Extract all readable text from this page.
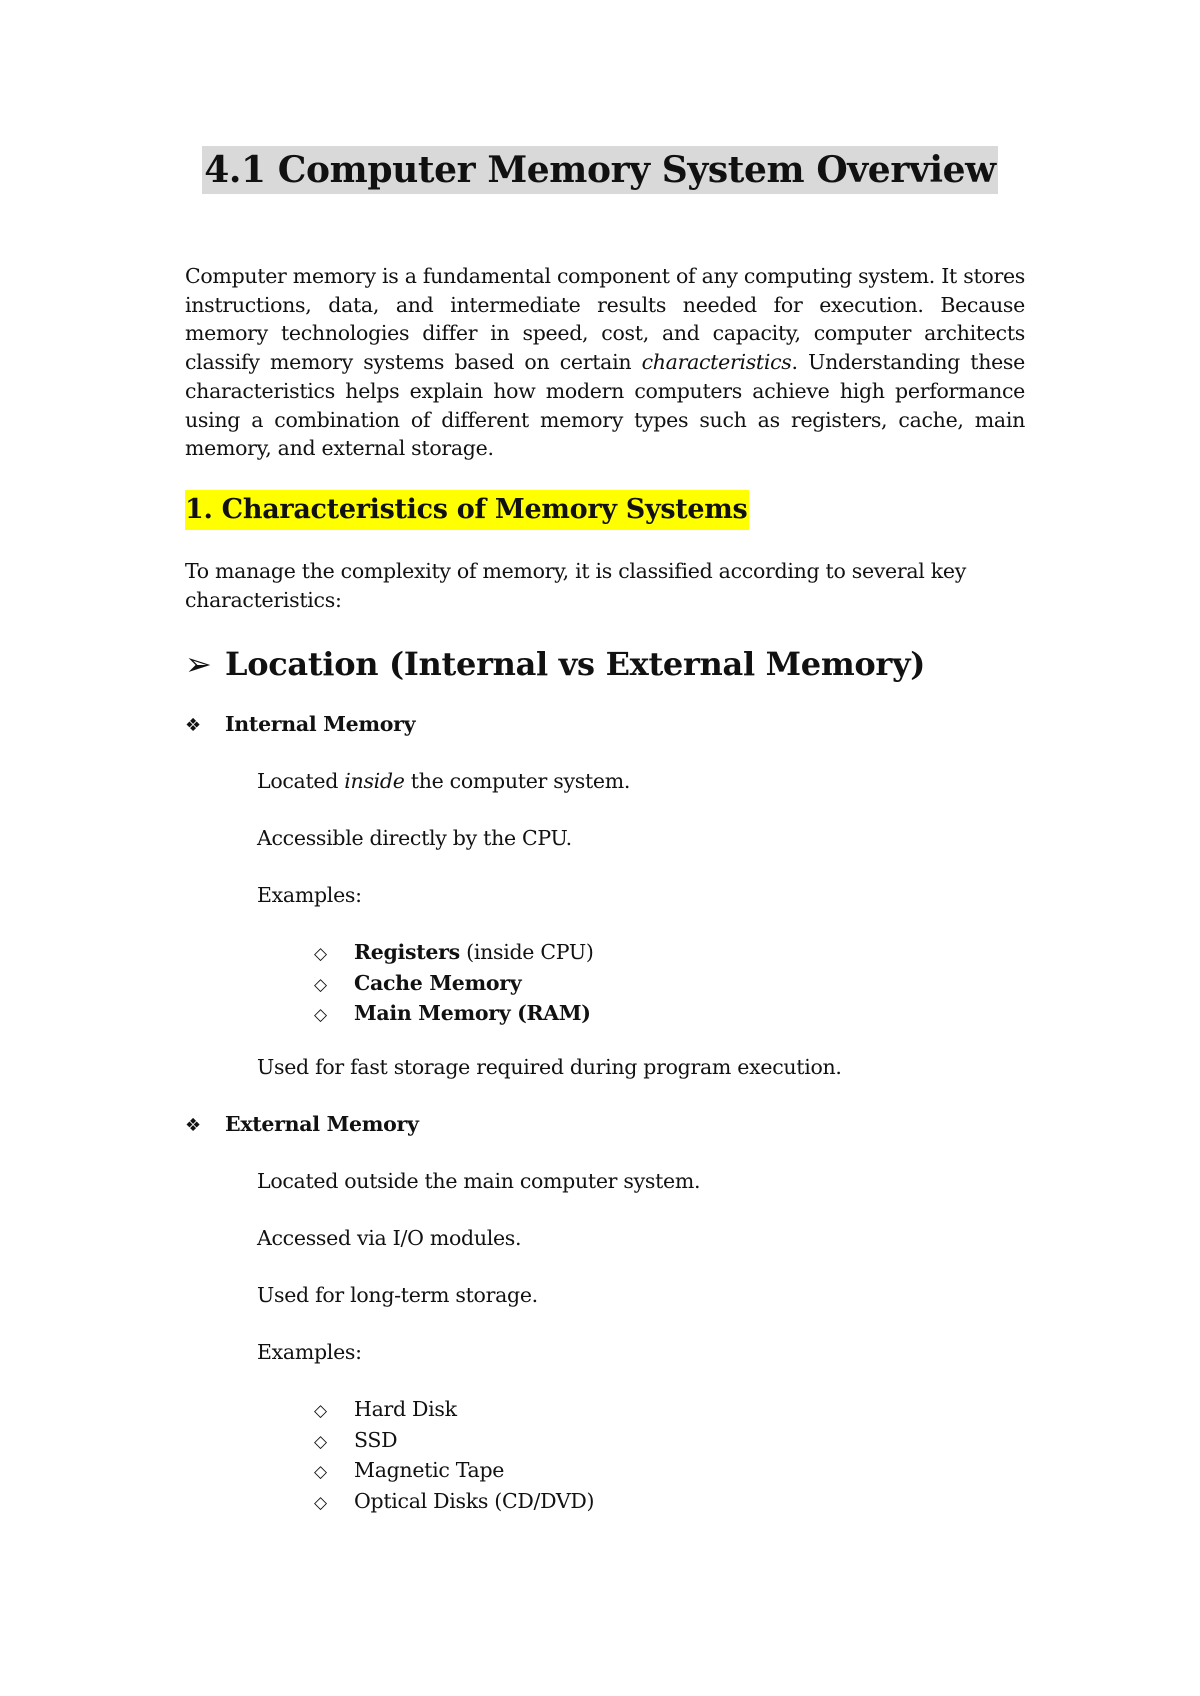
4.1 Computer Memory System Overview

Computer memory is a fundamental component of any computing system. It stores instructions, data, and intermediate results needed for execution. Because memory technologies differ in speed, cost, and capacity, computer architects classify memory systems based on certain characteristics. Understanding these characteristics helps explain how modern computers achieve high performance using a combination of different memory types such as registers, cache, main memory, and external storage.

1. Characteristics of Memory Systems

To manage the complexity of memory, it is classified according to several key characteristics:

➢ Location (Internal vs External Memory)
❖ Internal Memory

Located inside the computer system.

Accessible directly by the CPU.

Examples:

◇ Registers (inside CPU)
◇ Cache Memory
◇ Main Memory (RAM)

Used for fast storage required during program execution.

❖ External Memory

Located outside the main computer system.

Accessed via I/O modules.

Used for long-term storage.

Examples:

◇ Hard Disk
◇ SSD
◇ Magnetic Tape
◇ Optical Disks (CD/DVD)
